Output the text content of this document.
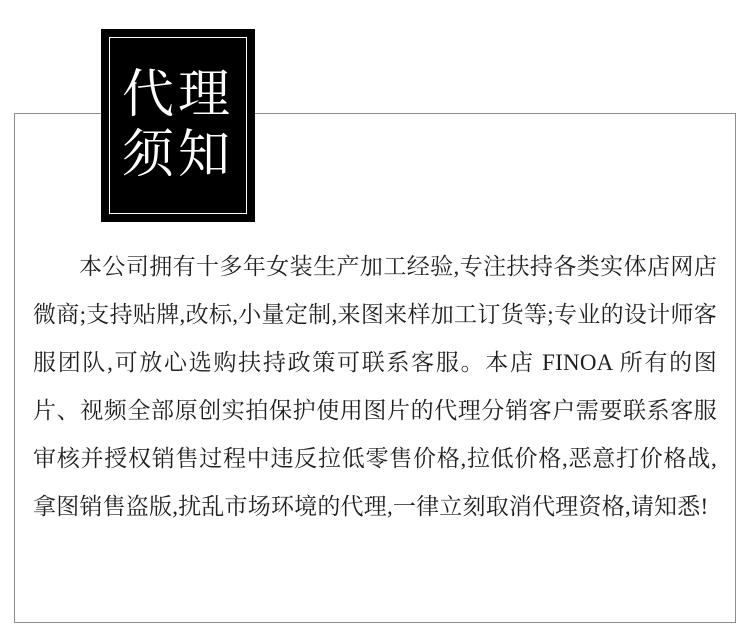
代理
须知
本公司拥有十多年女装生产加工经验,专注扶持各类实体店网店微商;支持贴牌,改标,小量定制,来图来样加工订货等;专业的设计师客服团队,可放心选购扶持政策可联系客服。本店 FINOA 所有的图片、视频全部原创实拍保护使用图片的代理分销客户需要联系客服审核并授权销售过程中违反拉低零售价格,拉低价格,恶意打价格战,拿图销售盗版,扰乱市场环境的代理,一律立刻取消代理资格,请知悉!
